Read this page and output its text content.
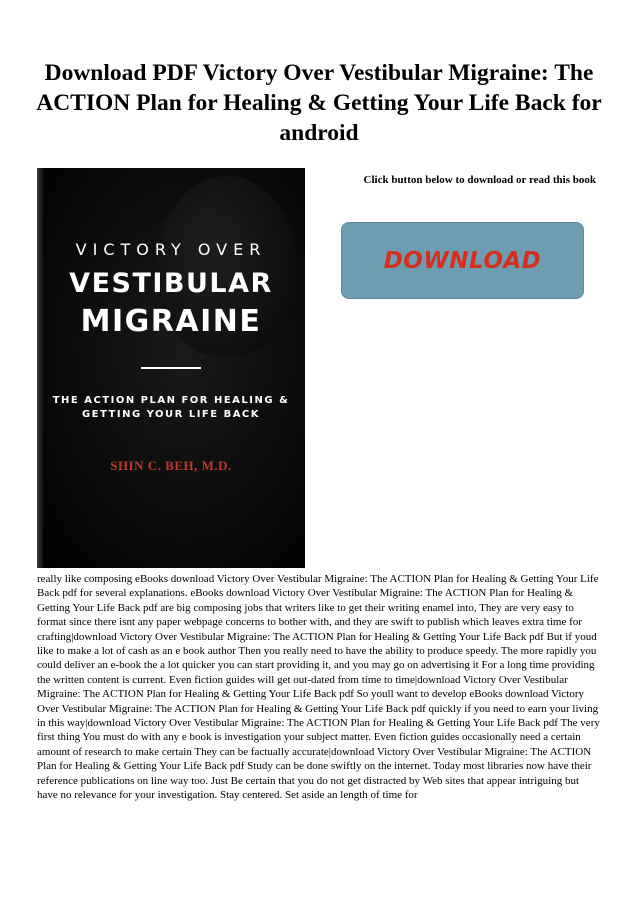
Download PDF Victory Over Vestibular Migraine: The ACTION Plan for Healing & Getting Your Life Back for android
Click button below to download or read this book
VICTORY OVER
VESTIBULAR
MIGRAINE
THE ACTION PLAN FOR HEALING & GETTING YOUR LIFE BACK
SHIN C. BEH, M.D.
DOWNLOAD

really like composing eBooks download Victory Over Vestibular Migraine: The ACTION Plan for Healing & Getting Your Life Back pdf for several explanations. eBooks download Victory Over Vestibular Migraine: The ACTION Plan for Healing & Getting Your Life Back pdf are big composing jobs that writers like to get their writing enamel into, They are very easy to format since there isnt any paper webpage concerns to bother with, and they are swift to publish which leaves extra time for crafting|download Victory Over Vestibular Migraine: The ACTION Plan for Healing & Getting Your Life Back pdf But if youd like to make a lot of cash as an e book author Then you really need to have the ability to produce speedy. The more rapidly you could deliver an e-book the a lot quicker you can start providing it, and you may go on advertising it For a long time providing the written content is current. Even fiction guides will get out-dated from time to time|download Victory Over Vestibular Migraine: The ACTION Plan for Healing & Getting Your Life Back pdf So youll want to develop eBooks download Victory Over Vestibular Migraine: The ACTION Plan for Healing & Getting Your Life Back pdf quickly if you need to earn your living in this way|download Victory Over Vestibular Migraine: The ACTION Plan for Healing & Getting Your Life Back pdf The very first thing You must do with any e book is investigation your subject matter. Even fiction guides occasionally need a certain amount of research to make certain They can be factually accurate|download Victory Over Vestibular Migraine: The ACTION Plan for Healing & Getting Your Life Back pdf Study can be done swiftly on the internet. Today most libraries now have their reference publications on line way too. Just Be certain that you do not get distracted by Web sites that appear intriguing but have no relevance for your investigation. Stay centered. Set aside an length of time for
